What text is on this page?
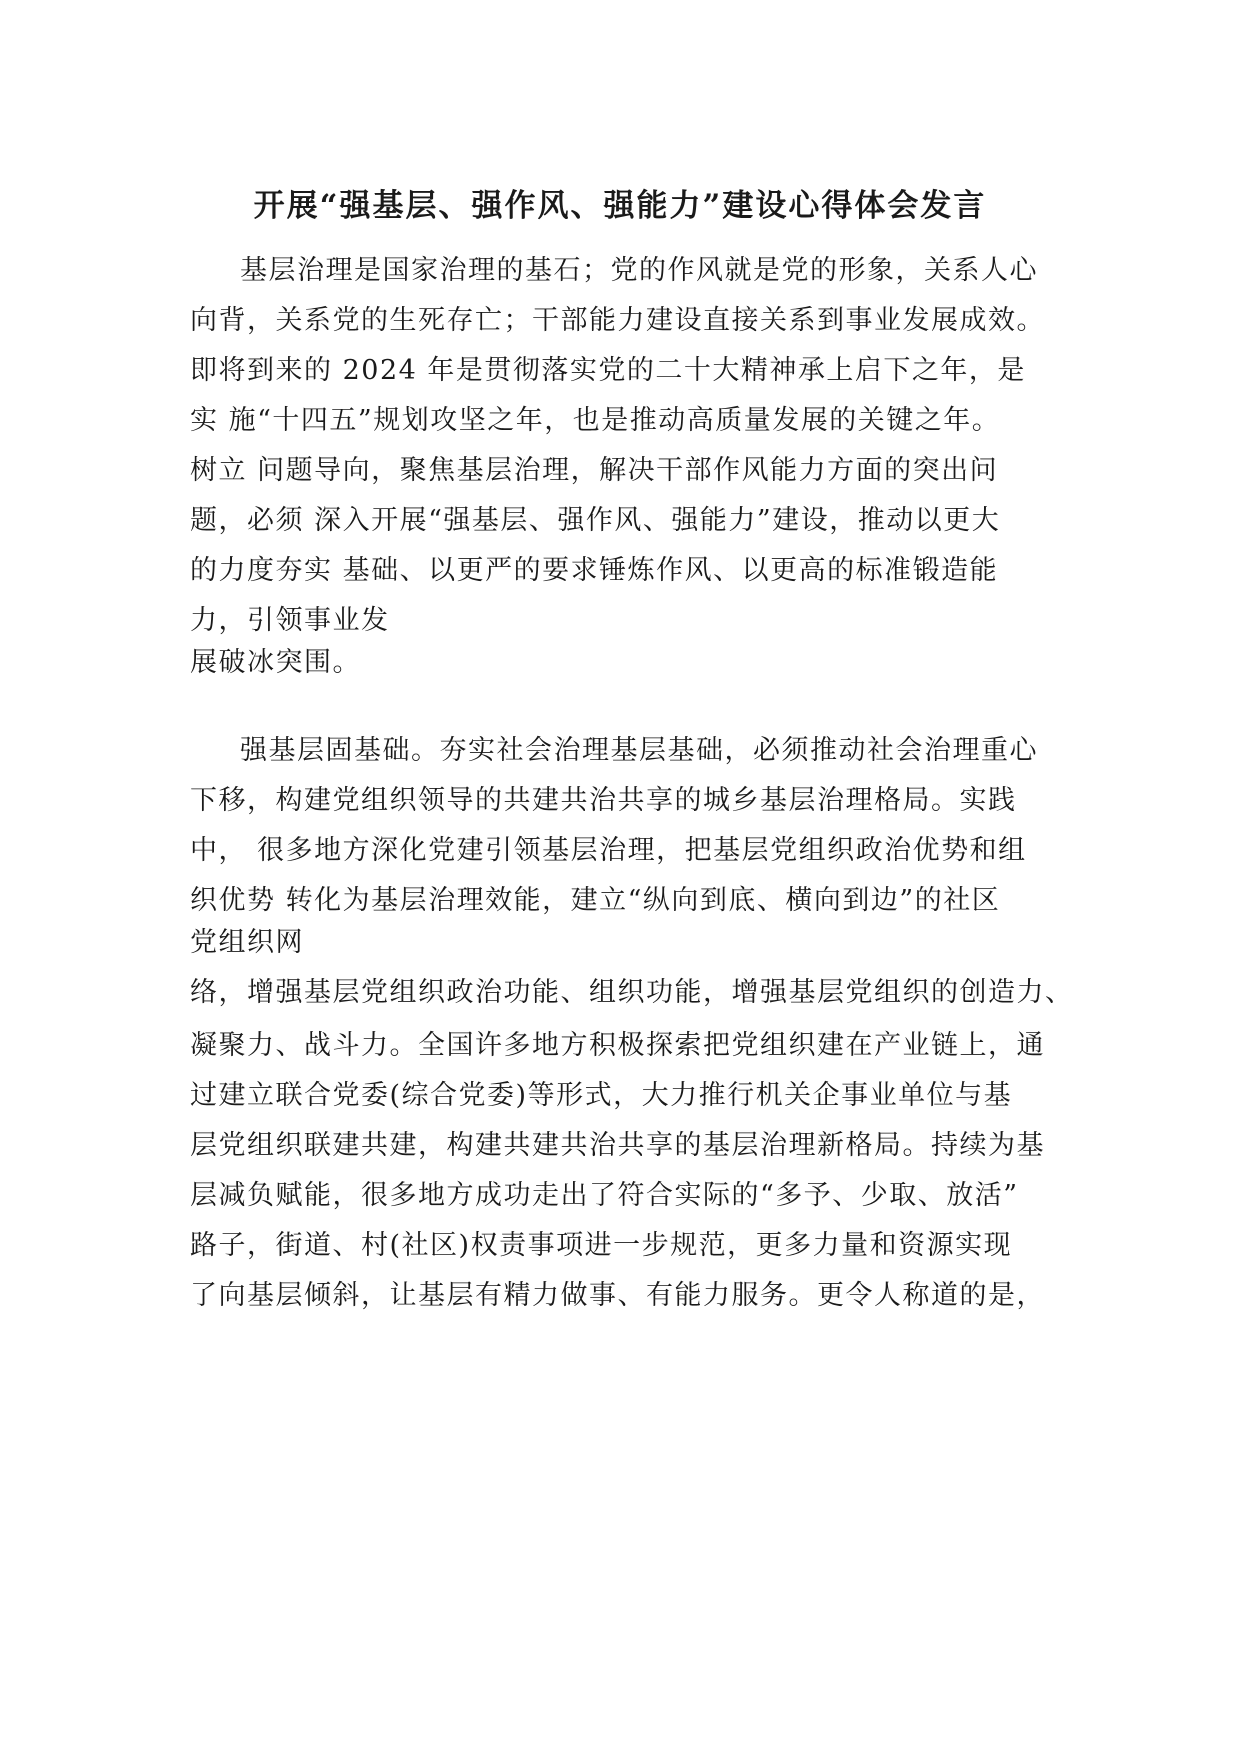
开展“强基层、强作风、强能力”建设心得体会发言
基层治理是国家治理的基石；党的作风就是党的形象，关系人心
向背，关系党的生死存亡；干部能力建设直接关系到事业发展成效。
即将到来的 2024 年是贯彻落实党的二十大精神承上启下之年，是
实 施“十四五”规划攻坚之年，也是推动高质量发展的关键之年。
树立 问题导向，聚焦基层治理，解决干部作风能力方面的突出问
题，必须 深入开展“强基层、强作风、强能力”建设，推动以更大
的力度夯实 基础、以更严的要求锤炼作风、以更高的标准锻造能
力，引领事业发
展破冰突围。
强基层固基础。夯实社会治理基层基础，必须推动社会治理重心
下移，构建党组织领导的共建共治共享的城乡基层治理格局。实践
中， 很多地方深化党建引领基层治理，把基层党组织政治优势和组
织优势 转化为基层治理效能，建立“纵向到底、横向到边”的社区
党组织网
络，增强基层党组织政治功能、组织功能，增强基层党组织的创造力、
凝聚力、战斗力。全国许多地方积极探索把党组织建在产业链上，通
过建立联合党委(综合党委)等形式，大力推行机关企事业单位与基
层党组织联建共建，构建共建共治共享的基层治理新格局。持续为基
层减负赋能，很多地方成功走出了符合实际的“多予、少取、放活”
路子，街道、村(社区)权责事项进一步规范，更多力量和资源实现
了向基层倾斜，让基层有精力做事、有能力服务。更令人称道的是，
